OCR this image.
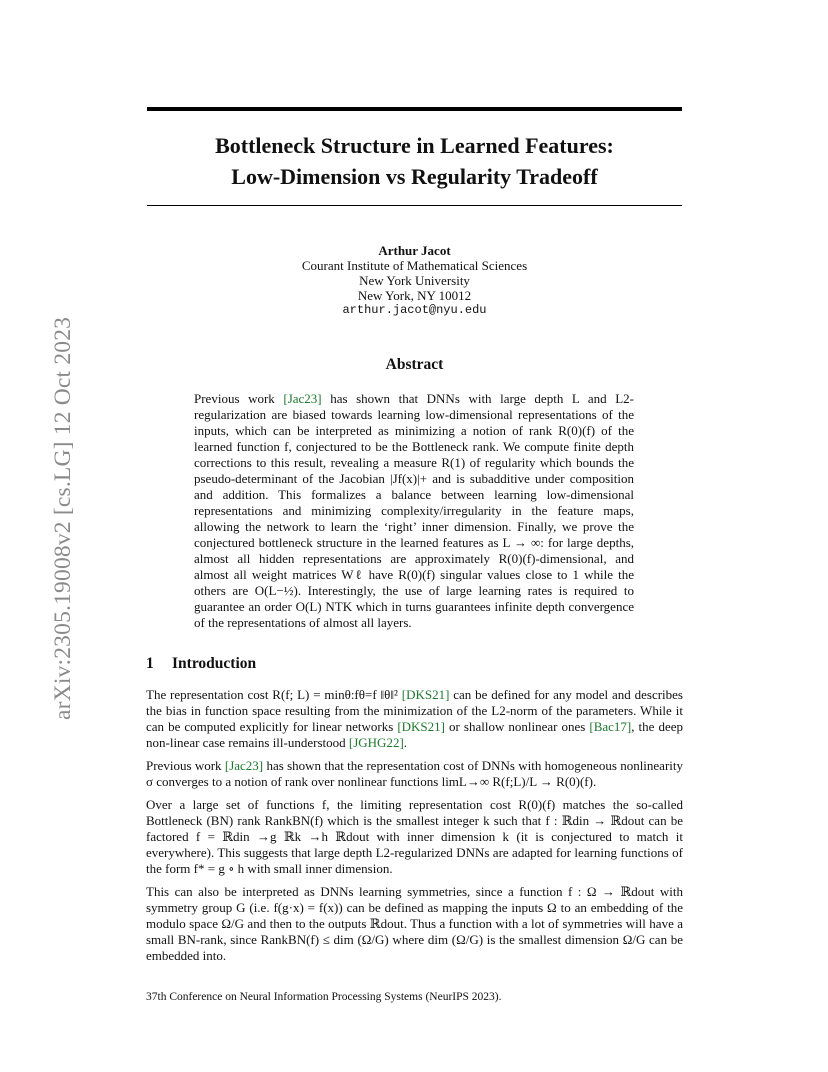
arXiv:2305.19008v2 [cs.LG] 12 Oct 2023
Bottleneck Structure in Learned Features:
Low-Dimension vs Regularity Tradeoff
Arthur Jacot
Courant Institute of Mathematical Sciences
New York University
New York, NY 10012
arthur.jacot@nyu.edu
Abstract

Previous work [Jac23] has shown that DNNs with large depth L and L2-regularization are biased towards learning low-dimensional representations of the inputs, which can be interpreted as minimizing a notion of rank R(0)(f) of the learned function f, conjectured to be the Bottleneck rank. We compute finite depth corrections to this result, revealing a measure R(1) of regularity which bounds the pseudo-determinant of the Jacobian |Jf(x)|+ and is subadditive under composition and addition. This formalizes a balance between learning low-dimensional representations and minimizing complexity/irregularity in the feature maps, allowing the network to learn the ‘right’ inner dimension. Finally, we prove the conjectured bottleneck structure in the learned features as L → ∞: for large depths, almost all hidden representations are approximately R(0)(f)-dimensional, and almost all weight matrices Wℓ have R(0)(f) singular values close to 1 while the others are O(L−½). Interestingly, the use of large learning rates is required to guarantee an order O(L) NTK which in turns guarantees infinite depth convergence of the representations of almost all layers.

1 Introduction

The representation cost R(f; L) = minθ:fθ=f ‖θ‖² [DKS21] can be defined for any model and describes the bias in function space resulting from the minimization of the L2-norm of the parameters. While it can be computed explicitly for linear networks [DKS21] or shallow nonlinear ones [Bac17], the deep non-linear case remains ill-understood [JGHG22].

Previous work [Jac23] has shown that the representation cost of DNNs with homogeneous nonlinearity σ converges to a notion of rank over nonlinear functions limL→∞ R(f;L)/L → R(0)(f).

Over a large set of functions f, the limiting representation cost R(0)(f) matches the so-called Bottleneck (BN) rank RankBN(f) which is the smallest integer k such that f : ℝdin → ℝdout can be factored f = ℝdin →g ℝk →h ℝdout with inner dimension k (it is conjectured to match it everywhere). This suggests that large depth L2-regularized DNNs are adapted for learning functions of the form f* = g ∘ h with small inner dimension.

This can also be interpreted as DNNs learning symmetries, since a function f : Ω → ℝdout with symmetry group G (i.e. f(g·x) = f(x)) can be defined as mapping the inputs Ω to an embedding of the modulo space Ω/G and then to the outputs ℝdout. Thus a function with a lot of symmetries will have a small BN-rank, since RankBN(f) ≤ dim (Ω/G) where dim (Ω/G) is the smallest dimension Ω/G can be embedded into.

37th Conference on Neural Information Processing Systems (NeurIPS 2023).
